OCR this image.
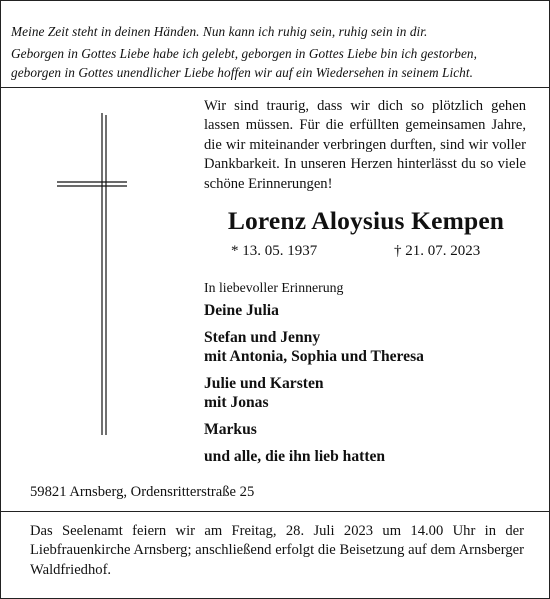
Meine Zeit steht in deinen Händen. Nun kann ich ruhig sein, ruhig sein in dir.
Geborgen in Gottes Liebe habe ich gelebt, geborgen in Gottes Liebe bin ich gestorben,
geborgen in Gottes unendlicher Liebe hoffen wir auf ein Wiedersehen in seinem Licht.
Wir sind traurig, dass wir dich so plötzlich gehen lassen müssen. Für die erfüllten gemeinsamen Jahre, die wir miteinander verbringen durften, sind wir voller Dankbarkeit. In unseren Herzen hinterlässt du so viele schöne Erinnerungen!
Lorenz Aloysius Kempen
* 13. 05. 1937	† 21. 07. 2023
In liebevoller Erinnerung
Deine Julia
Stefan und Jenny
mit Antonia, Sophia und Theresa
Julie und Karsten
mit Jonas
Markus
und alle, die ihn lieb hatten
59821 Arnsberg, Ordensritterstraße 25
Das Seelenamt feiern wir am Freitag, 28. Juli 2023 um 14.00 Uhr in der Liebfrauenkirche Arnsberg; anschließend erfolgt die Beisetzung auf dem Arnsberger Waldfriedhof.
